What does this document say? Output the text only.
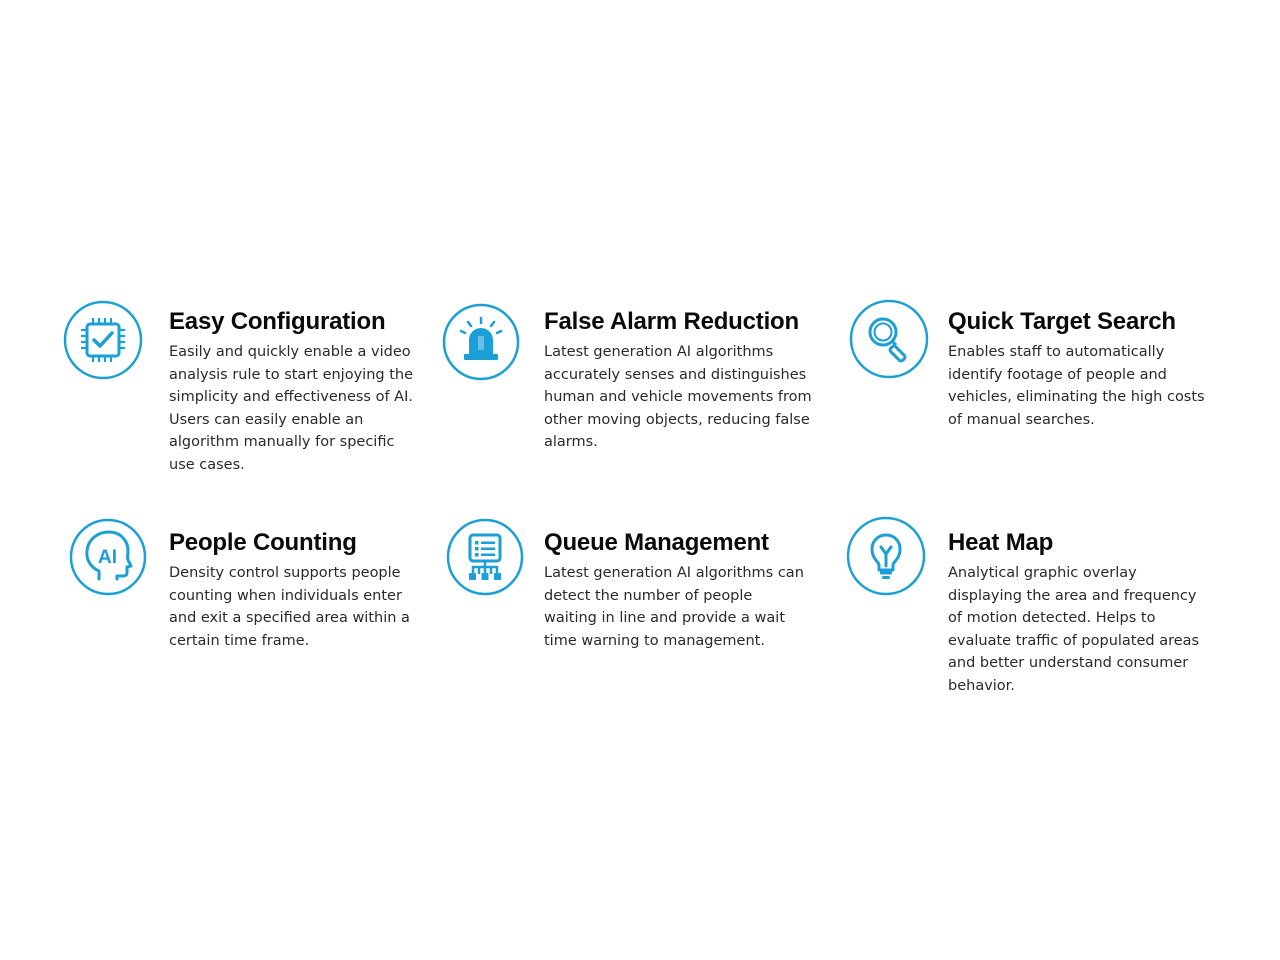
Easy Configuration

Easily and quickly enable a video analysis rule to start enjoying the simplicity and effectiveness of AI. Users can easily enable an algorithm manually for specific use cases.

False Alarm Reduction

Latest generation AI algorithms accurately senses and distinguishes human and vehicle movements from other moving objects, reducing false alarms.

Quick Target Search

Enables staff to automatically identify footage of people and vehicles, eliminating the high costs of manual searches.

AI
People Counting

Density control supports people counting when individuals enter and exit a specified area within a certain time frame.

Queue Management

Latest generation AI algorithms can detect the number of people waiting in line and provide a wait time warning to management.

Heat Map

Analytical graphic overlay displaying the area and frequency of motion detected. Helps to evaluate traffic of populated areas and better understand consumer behavior.
